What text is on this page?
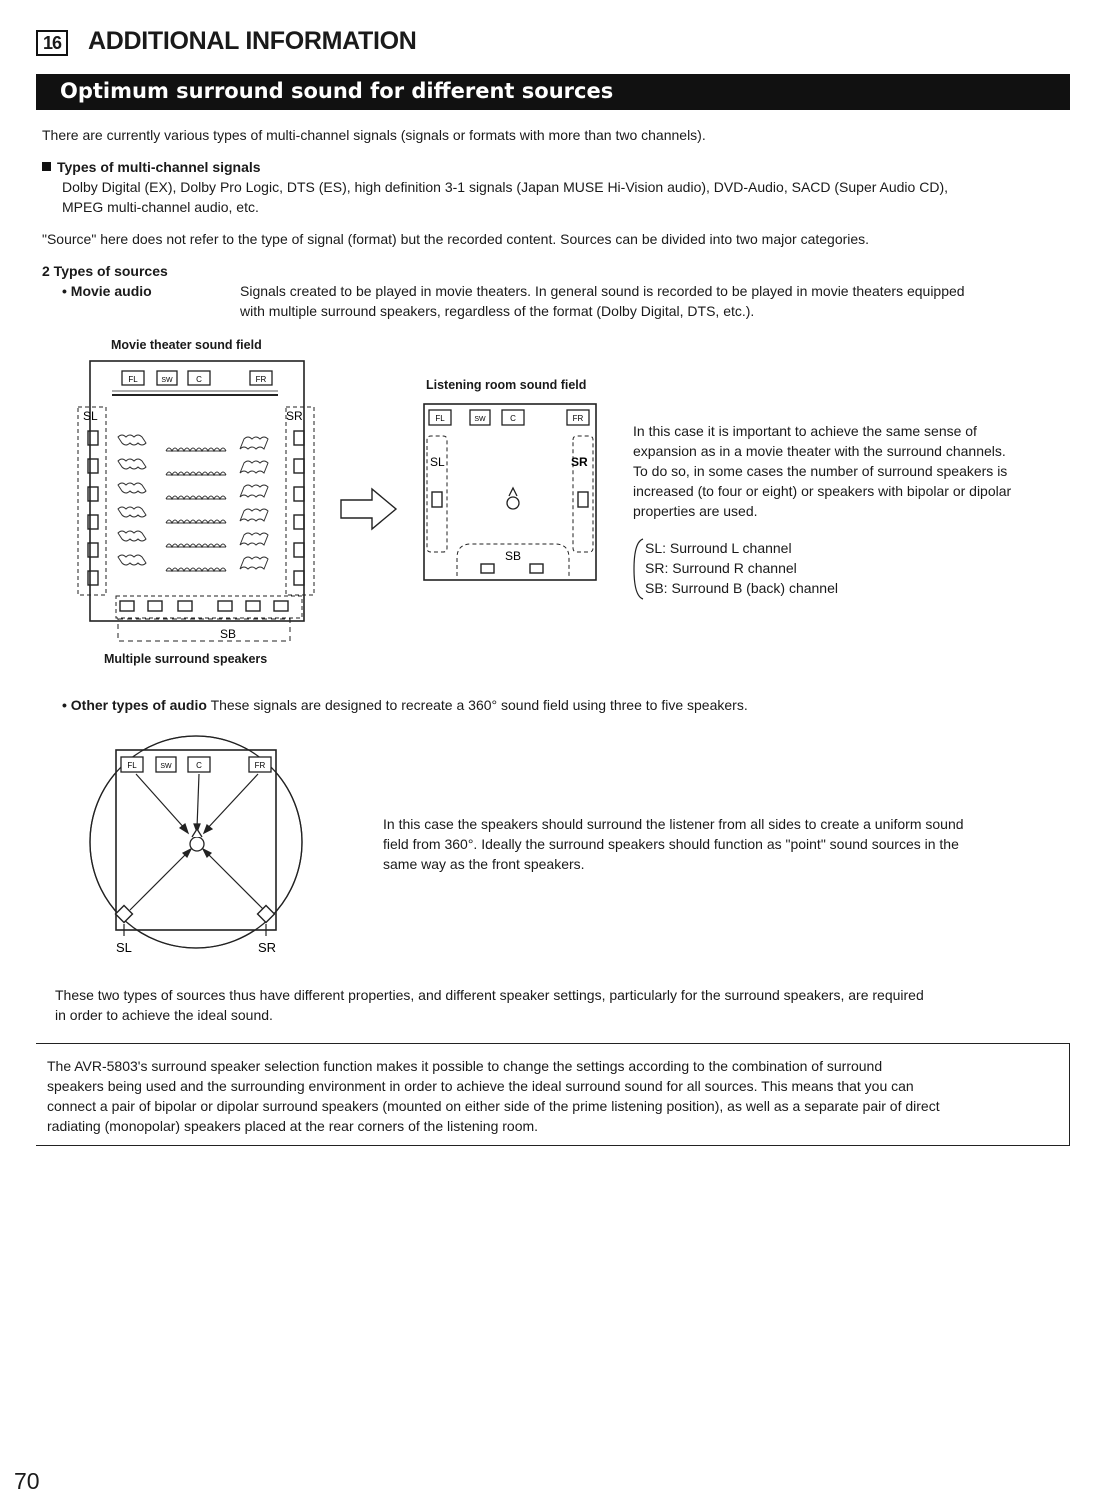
16 ADDITIONAL INFORMATION
Optimum surround sound for different sources
There are currently various types of multi-channel signals (signals or formats with more than two channels).
Types of multi-channel signals
Dolby Digital (EX), Dolby Pro Logic, DTS (ES), high definition 3-1 signals (Japan MUSE Hi-Vision audio), DVD-Audio, SACD (Super Audio CD),
MPEG multi-channel audio, etc.
"Source" here does not refer to the type of signal (format) but the recorded content. Sources can be divided into two major categories.
2 Types of sources
• Movie audio	Signals created to be played in movie theaters. In general sound is recorded to be played in movie theaters equipped
with multiple surround speakers, regardless of the format (Dolby Digital, DTS, etc.).
Movie theater sound field
Multiple surround speakers
FL	SW	C	FR
SL	SR
SB
Listening room sound field
FL	SW	C	FR
SL	SR
SB
In this case it is important to achieve the same sense of
expansion as in a movie theater with the surround channels.
To do so, in some cases the number of surround speakers is
increased (to four or eight) or speakers with bipolar or dipolar
properties are used.
SL: Surround L channel
SR: Surround R channel
SB: Surround B (back) channel
• Other types of audio These signals are designed to recreate a 360° sound field using three to five speakers.
FL	SW	C	FR
SL	SR
In this case the speakers should surround the listener from all sides to create a uniform sound
field from 360°. Ideally the surround speakers should function as "point" sound sources in the
same way as the front speakers.
These two types of sources thus have different properties, and different speaker settings, particularly for the surround speakers, are required
in order to achieve the ideal sound.
The AVR-5803's surround speaker selection function makes it possible to change the settings according to the combination of surround
speakers being used and the surrounding environment in order to achieve the ideal surround sound for all sources. This means that you can
connect a pair of bipolar or dipolar surround speakers (mounted on either side of the prime listening position), as well as a separate pair of direct
radiating (monopolar) speakers placed at the rear corners of the listening room.
70
